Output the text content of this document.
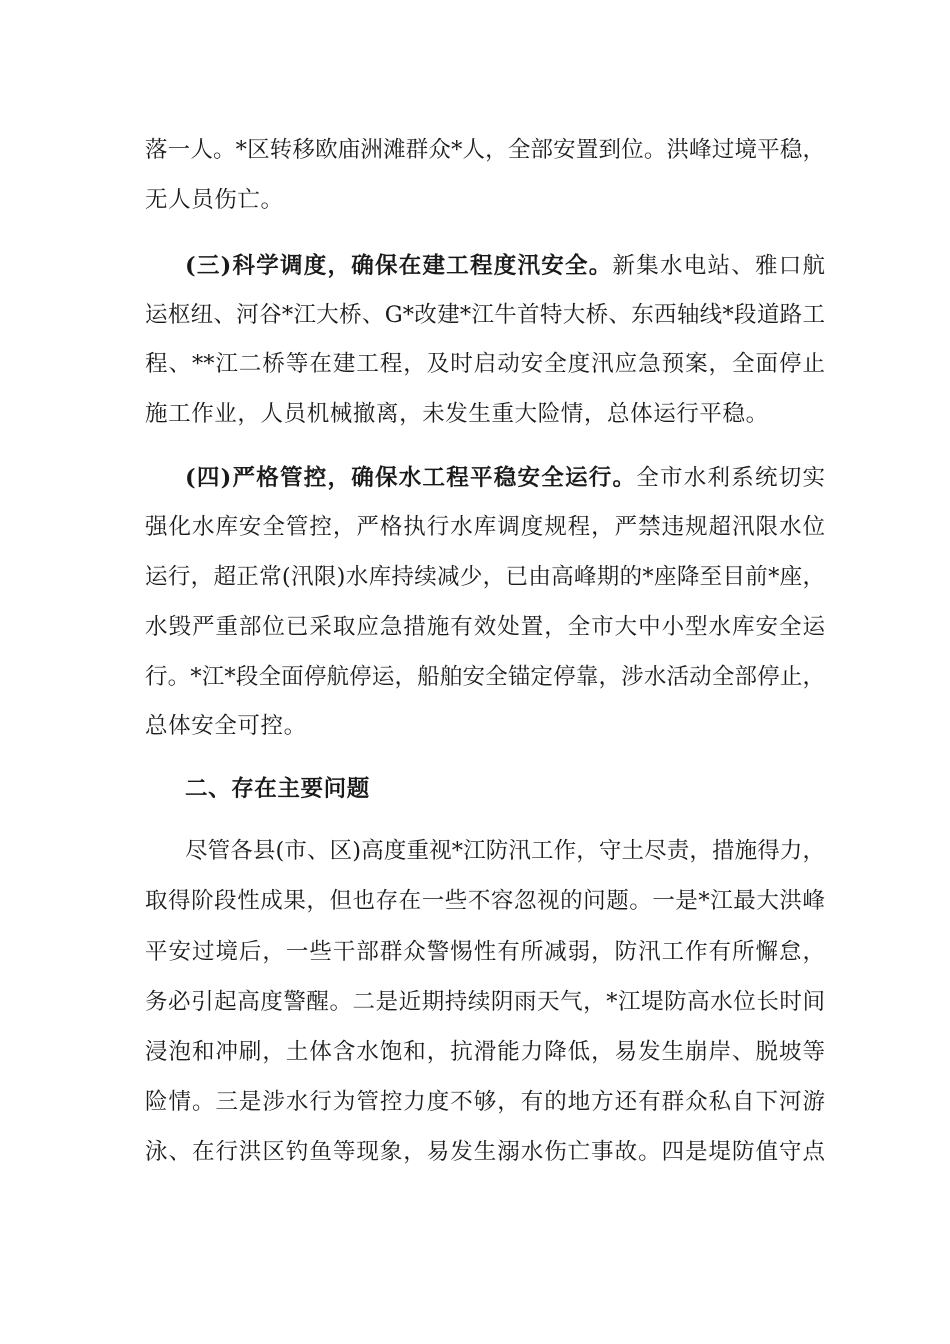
落一人。*区转移欧庙洲滩群众*人，全部安置到位。洪峰过境平稳，
无人员伤亡。
(三)科学调度，确保在建工程度汛安全。新集水电站、雅口航
运枢纽、河谷*江大桥、G*改建*江牛首特大桥、东西轴线*段道路工
程、**江二桥等在建工程，及时启动安全度汛应急预案，全面停止
施工作业，人员机械撤离，未发生重大险情，总体运行平稳。
(四)严格管控，确保水工程平稳安全运行。全市水利系统切实
强化水库安全管控，严格执行水库调度规程，严禁违规超汛限水位
运行，超正常(汛限)水库持续减少，已由高峰期的*座降至目前*座，
水毁严重部位已采取应急措施有效处置，全市大中小型水库安全运
行。*江*段全面停航停运，船舶安全锚定停靠，涉水活动全部停止，
总体安全可控。
二、存在主要问题
尽管各县(市、区)高度重视*江防汛工作，守土尽责，措施得力，
取得阶段性成果，但也存在一些不容忽视的问题。一是*江最大洪峰
平安过境后，一些干部群众警惕性有所减弱，防汛工作有所懈怠，
务必引起高度警醒。二是近期持续阴雨天气，*江堤防高水位长时间
浸泡和冲刷，土体含水饱和，抗滑能力降低，易发生崩岸、脱坡等
险情。三是涉水行为管控力度不够，有的地方还有群众私自下河游
泳、在行洪区钓鱼等现象，易发生溺水伤亡事故。四是堤防值守点
